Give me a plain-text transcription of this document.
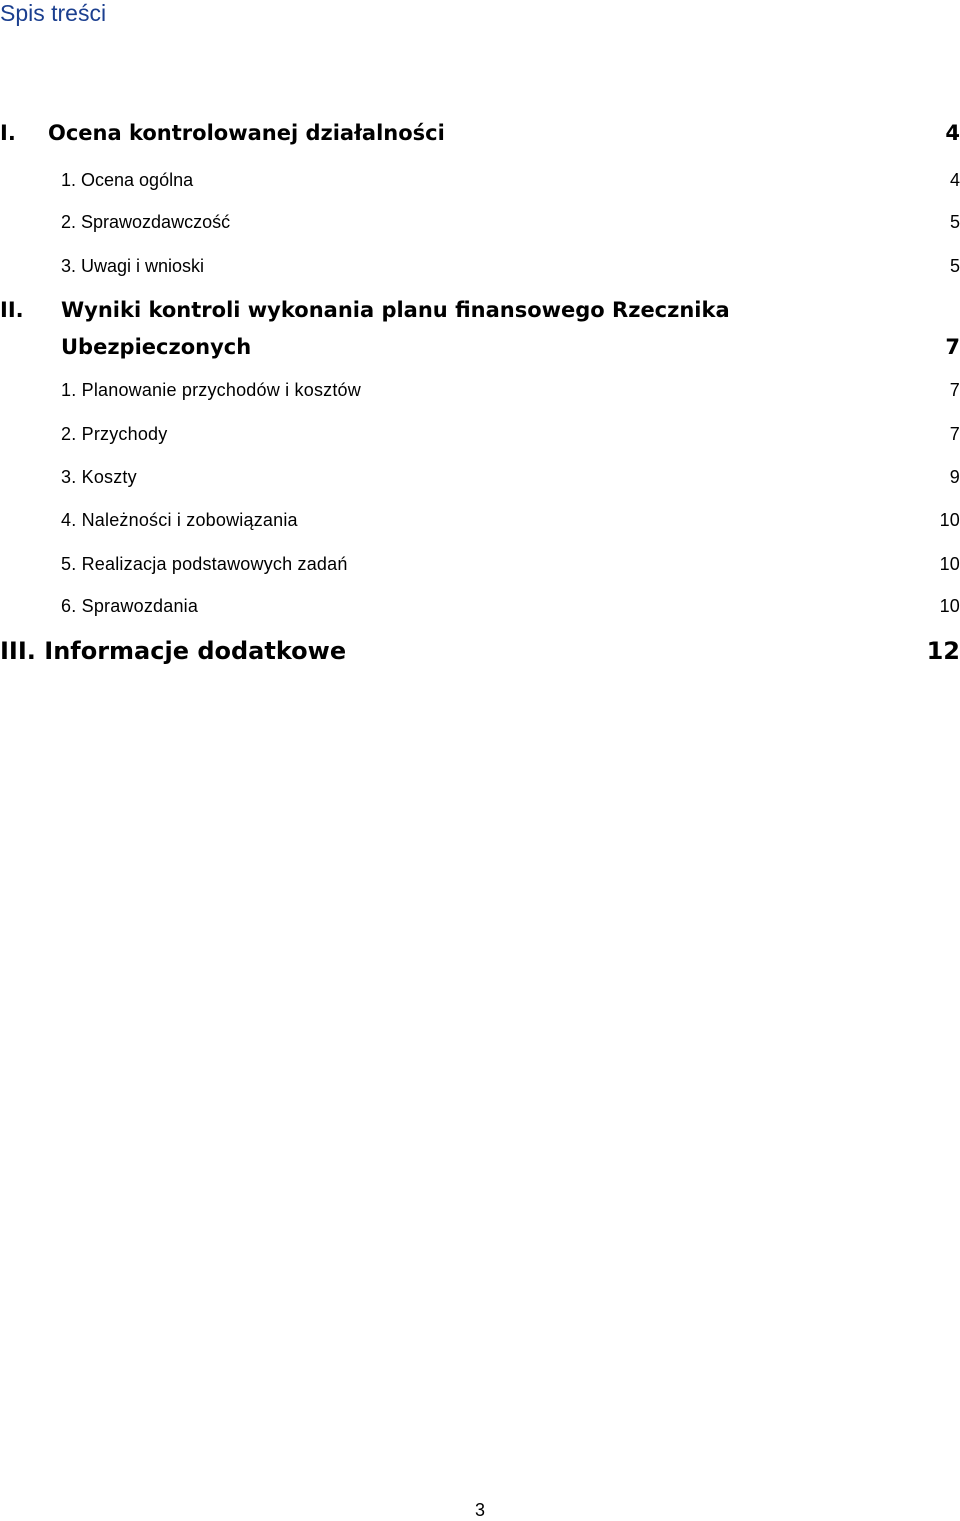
Spis treści
I. Ocena kontrolowanej działalności	4
1. Ocena ogólna	4
2. Sprawozdawczość	5
3. Uwagi i wnioski	5
II. Wyniki kontroli wykonania planu finansowego Rzecznika
Ubezpieczonych	7
1. Planowanie przychodów i kosztów	7
2. Przychody	7
3. Koszty	9
4. Należności i zobowiązania	10
5. Realizacja podstawowych zadań	10
6. Sprawozdania	10
III. Informacje dodatkowe	12
3
